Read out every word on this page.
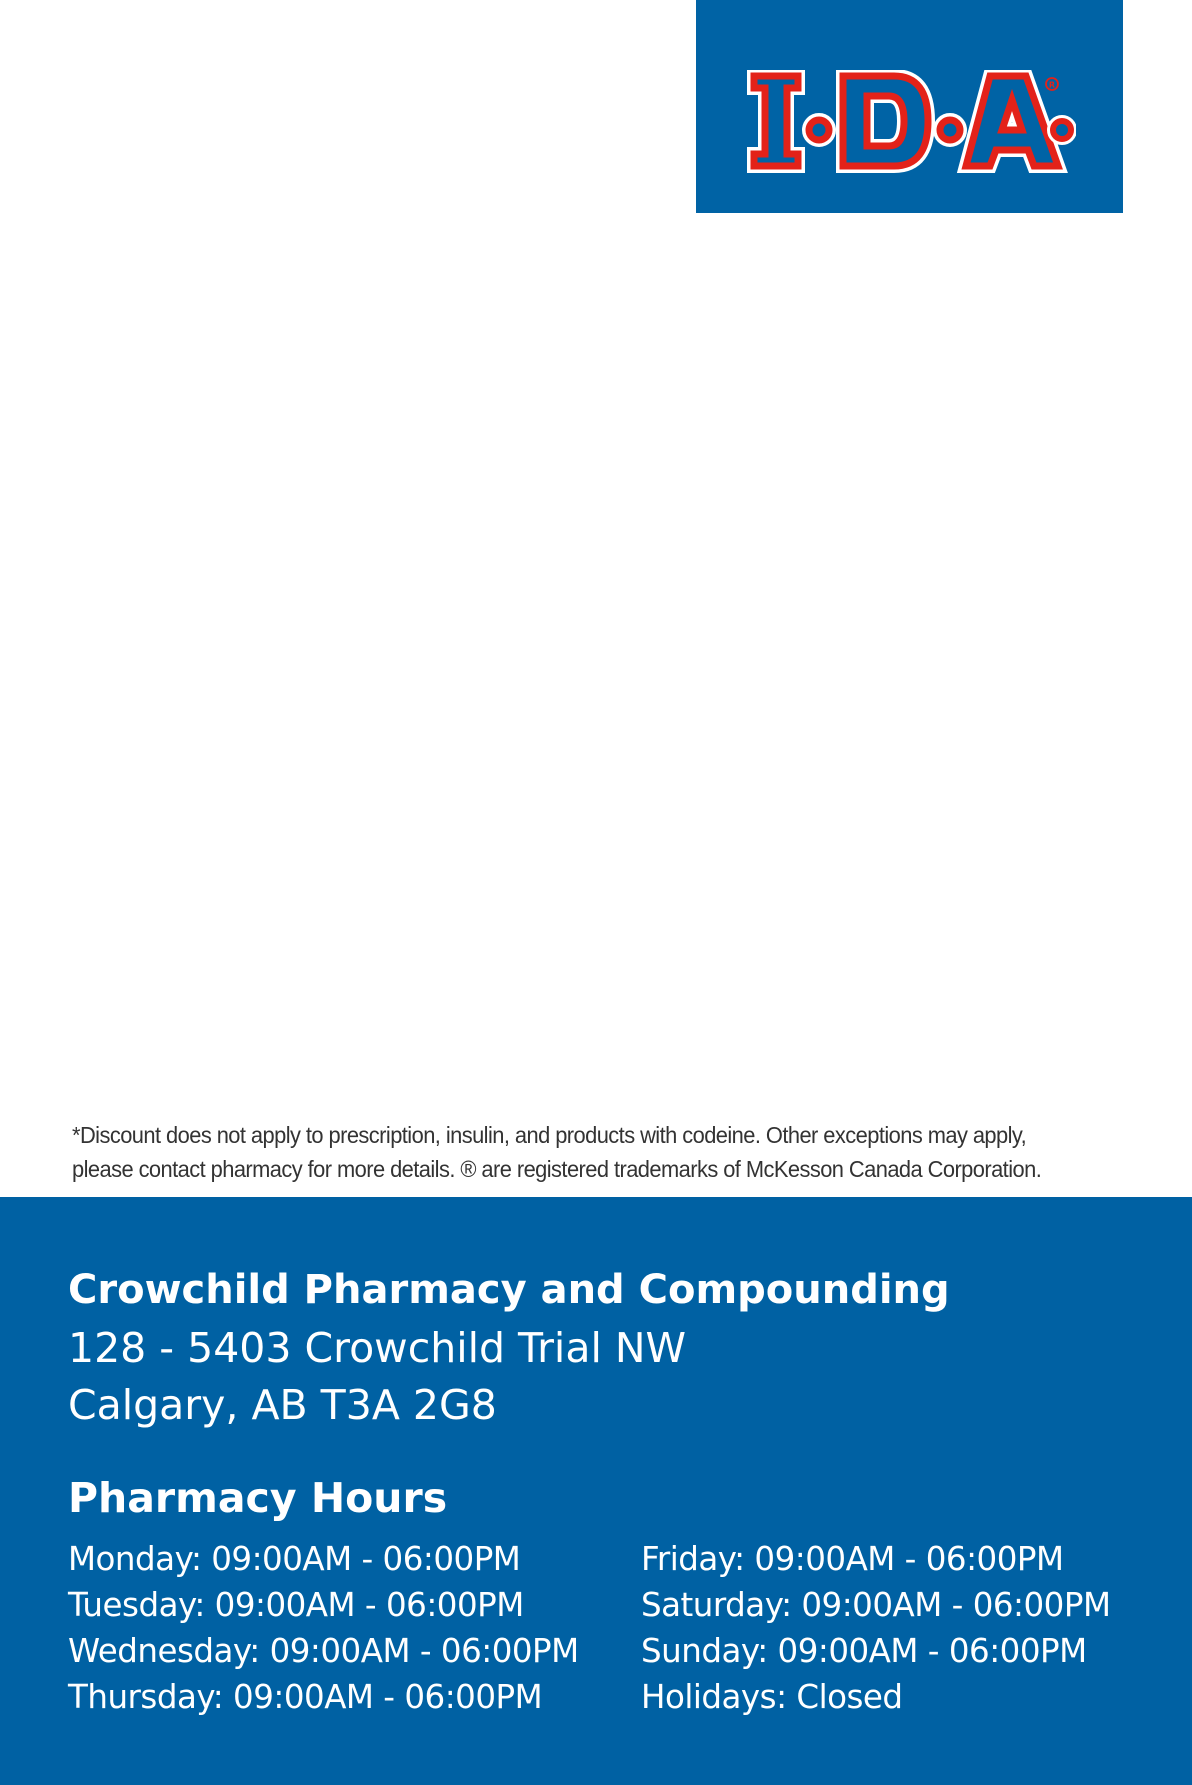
R
*Discount does not apply to prescription, insulin, and products with codeine. Other exceptions may apply,
please contact pharmacy for more details. ® are registered trademarks of McKesson Canada Corporation.
Crowchild Pharmacy and Compounding
128 - 5403 Crowchild Trial NW
Calgary, AB T3A 2G8
Pharmacy Hours
Monday: 09:00AM - 06:00PM
Tuesday: 09:00AM - 06:00PM
Wednesday: 09:00AM - 06:00PM
Thursday: 09:00AM - 06:00PM
Friday: 09:00AM - 06:00PM
Saturday: 09:00AM - 06:00PM
Sunday: 09:00AM - 06:00PM
Holidays: Closed
